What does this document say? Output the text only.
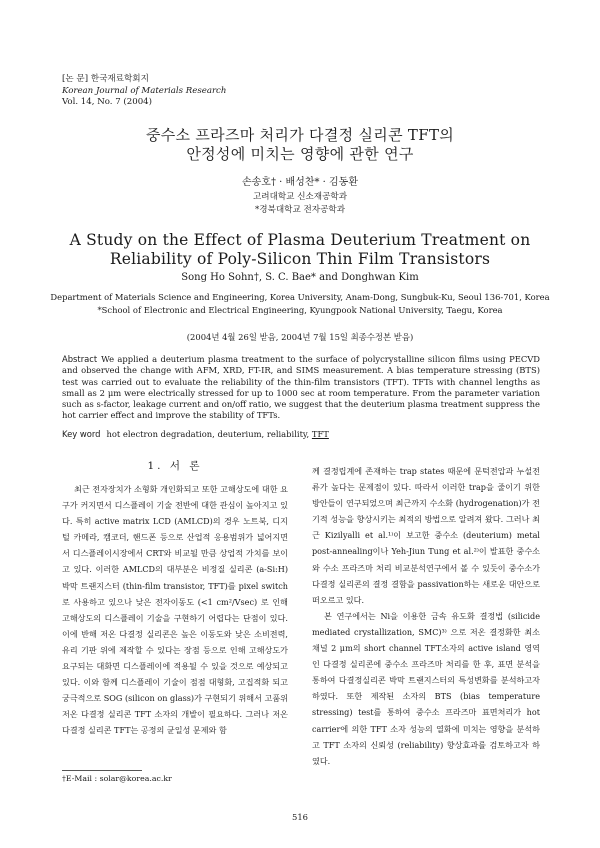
[논 문] 한국재료학회지
Korean Journal of Materials Research
Vol. 14, No. 7 (2004)
중수소 프라즈마 처리가 다결정 실리콘 TFT의
안정성에 미치는 영향에 관한 연구
손송호† · 배성찬* · 김동환
고려대학교 신소재공학과
*경북대학교 전자공학과
A Study on the Effect of Plasma Deuterium Treatment on
Reliability of Poly-Silicon Thin Film Transistors
Song Ho Sohn†, S. C. Bae* and Donghwan Kim
Department of Materials Science and Engineering, Korea University, Anam-Dong, Sungbuk-Ku, Seoul 136-701, Korea
*School of Electronic and Electrical Engineering, Kyungpook National University, Taegu, Korea
(2004년 4월 26일 받음, 2004년 7월 15일 최종수정본 받음)
Abstract We applied a deuterium plasma treatment to the surface of polycrystalline silicon films using PECVD and observed the change with AFM, XRD, FT-IR, and SIMS measurement. A bias temperature stressing (BTS) test was carried out to evaluate the reliability of the thin-film transistors (TFT). TFTs with channel lengths as small as 2 μm were electrically stressed for up to 1000 sec at room temperature. From the parameter variation such as s-factor, leakage current and on/off ratio, we suggest that the deuterium plasma treatment suppress the hot carrier effect and improve the stability of TFTs.
Key word hot electron degradation, deuterium, reliability, TFT
1. 서 론

최근 전자장치가 소형화 개인화되고 또한 고해상도에 대한 요구가 커지면서 디스플레이 기술 전반에 대한 관심이 높아지고 있다. 특히 active matrix LCD (AMLCD)의 경우 노트북, 디지털 카메라, 캠코더, 핸드폰 등으로 산업적 응용범위가 넓어지면서 디스플레이시장에서 CRT와 비교될 만큼 상업적 가치를 보이고 있다. 이러한 AMLCD의 대부분은 비정질 실리콘 (a-Si:H) 박막 트랜지스터 (thin-film transistor, TFT)를 pixel switch로 사용하고 있으나 낮은 전자이동도 (<1 cm²/Vsec) 로 인해 고해상도의 디스플레이 기술을 구현하기 어렵다는 단점이 있다. 이에 반해 저온 다결정 실리콘은 높은 이동도와 낮은 소비전력, 유리 기판 위에 제작할 수 있다는 장점 등으로 인해 고해상도가 요구되는 대화면 디스플레이에 적용될 수 있을 것으로 예상되고 있다. 이와 함께 디스플레이 기술이 점점 대형화, 고집적화 되고 궁극적으로 SOG (silicon on glass)가 구현되기 위해서 고품위 저온 다결정 실리콘 TFT 소자의 개발이 필요하다. 그러나 저온 다결정 실리콘 TFT는 공정의 균일성 문제와 함

께 결정립계에 존재하는 trap states 때문에 문턱전압과 누설전류가 높다는 문제점이 있다. 따라서 이러한 trap을 줄이기 위한 방안들이 연구되었으며 최근까지 수소화 (hydrogenation)가 전기적 성능을 향상시키는 최적의 방법으로 알려져 왔다. 그러나 최근 Kizilyalli et al.¹⁾이 보고한 중수소 (deuterium) metal post-annealing이나 Yeh-Jiun Tung et al.²⁾이 발표한 중수소와 수소 프라즈마 처리 비교분석연구에서 볼 수 있듯이 중수소가 다결정 실리콘의 결정 결함을 passivation하는 새로운 대안으로 떠오르고 있다.

본 연구에서는 Ni을 이용한 금속 유도화 결정법 (silicide mediated crystallization, SMC)³⁾ 으로 저온 결정화한 최소 채널 2 μm의 short channel TFT소자의 active island 영역인 다결정 실리콘에 중수소 프라즈마 처리를 한 후, 표면 분석을 통하여 다결정실리콘 박막 트랜지스터의 특성변화를 분석하고자 하였다. 또한 제작된 소자의 BTS (bias temperature stressing) test를 통하여 중수소 프라즈마 표면처리가 hot carrier에 의한 TFT 소자 성능의 열화에 미치는 영향을 분석하고 TFT 소자의 신뢰성 (reliability) 향상효과를 검토하고자 하였다.

†E-Mail : solar@korea.ac.kr
516
